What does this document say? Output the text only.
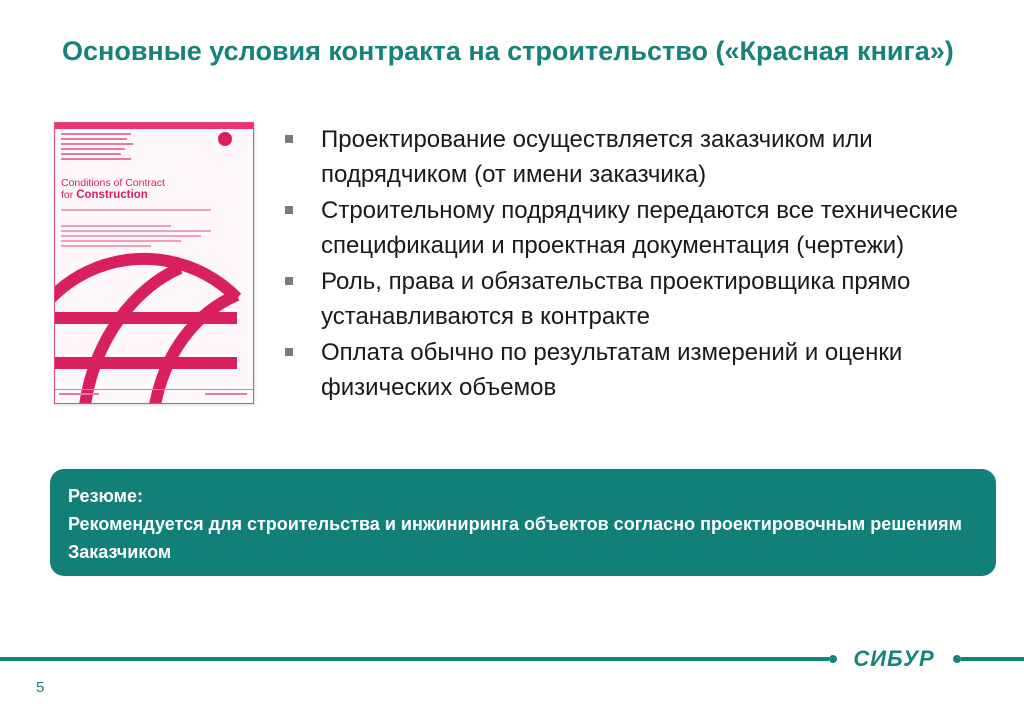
Основные условия контракта на строительство («Красная книга»)
Conditions of Contract
for Construction
Проектирование осуществляется заказчиком или подрядчиком (от имени заказчика)
Строительному подрядчику передаются все технические спецификации и проектная документация (чертежи)
Роль, права и обязательства проектировщика прямо устанавливаются в контракте
Оплата обычно по результатам измерений и оценки физических объемов
Резюме:
Рекомендуется для строительства и инжиниринга объектов согласно проектировочным решениям Заказчиком
СИБУР
5
